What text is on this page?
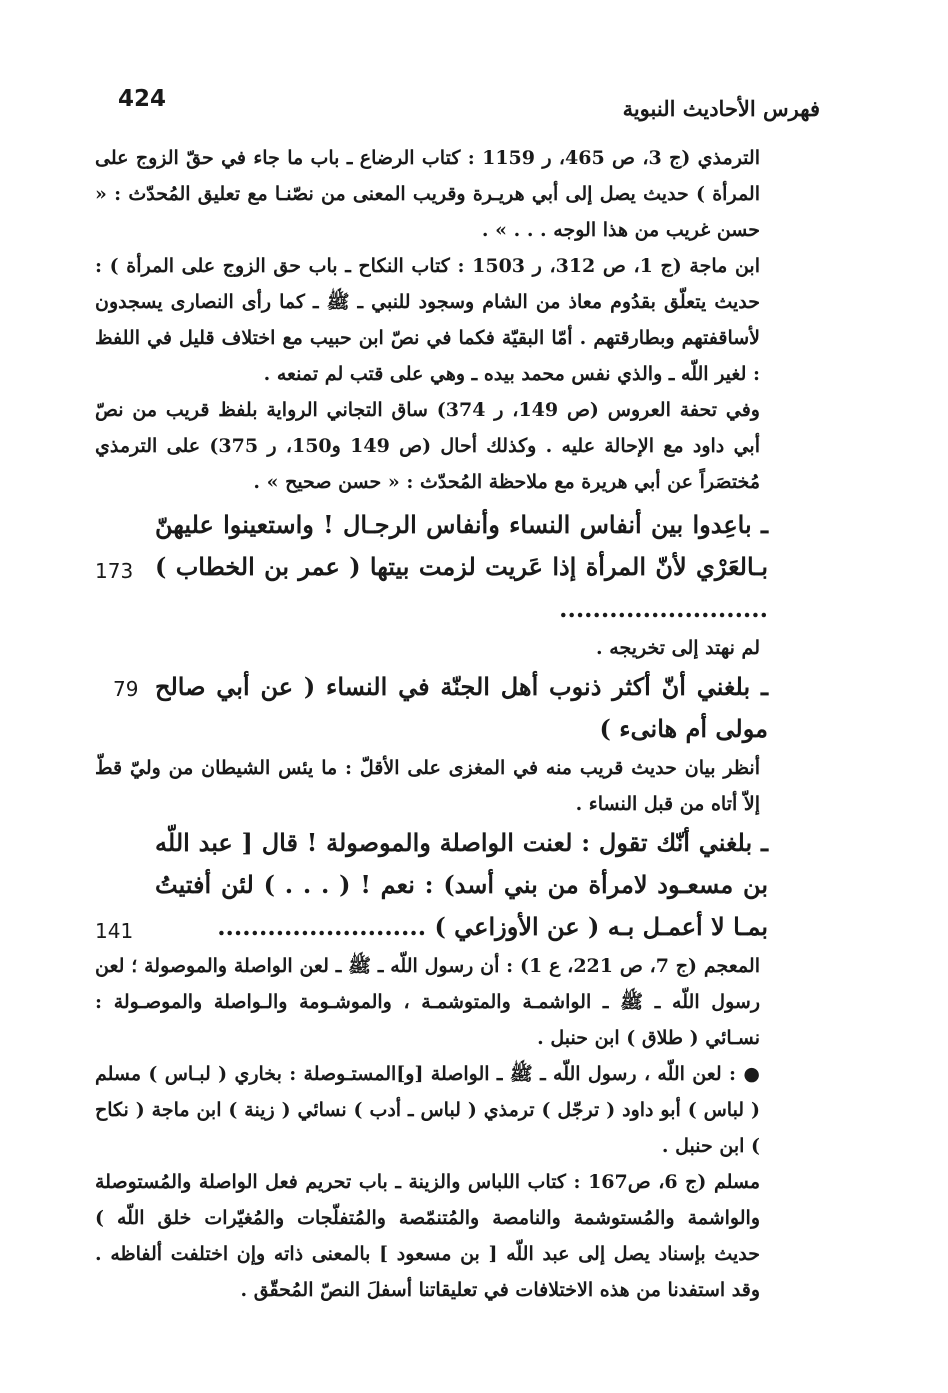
فهرس الأحاديث النبوية
424
الترمذي (ج 3، ص 465، ر 1159 : كتاب الرضاع ـ باب ما جاء في حقّ الزوج على المرأة ) حديث يصل إلى أبي هريـرة وقريب المعنى من نصّنـا مع تعليق المُحدّث : « حسن غريب من هذا الوجه . . . » .
ابن ماجة (ج 1، ص 312، ر 1503 : كتاب النكاح ـ باب حق الزوج على المرأة ) : حديث يتعلّق بقدُوم معاذ من الشام وسجود للنبي ـ ﷺ ـ كما رأى النصارى يسجدون لأساقفتهم وبطارقتهم . أمّا البقيّة فكما في نصّ ابن حبيب مع اختلاف قليل في اللفظ : لغير اللّه ـ والذي نفس محمد بيده ـ وهي على قتب لم تمنعه .
وفي تحفة العروس (ص 149، ر 374) ساق التجاني الرواية بلفظ قريب من نصّ أبي داود مع الإحالة عليه . وكذلك أحال (ص 149 و150، ر 375) على الترمذي مُختصَراً عن أبي هريرة مع ملاحظة المُحدّث : « حسن صحيح » .
ـ باعِدوا بين أنفاس النساء وأنفاس الرجـال ! واستعينوا عليهنّ بـالعَرْي لأنّ المرأة إذا عَريت لزمت بيتها ( عمر بن الخطاب ) .........................
173
لم نهتد إلى تخريجه .
ـ بلغني أنّ أكثر ذنوب أهل الجنّة في النساء ( عن أبي صالح مولى أم هانىء )
79
أنظر بيان حديث قريب منه في المغزى على الأقلّ : ما يئس الشيطان من وليّ قطّ إلاّ أتاه من قبل النساء .
ـ بلغني أنّك تقول : لعنت الواصلة والموصولة ! قال [ عبد اللّه بن مسعـود لامرأة من بني أسد) : نعم ! ( . . . ) لئن أفتيتُ بمـا لا أعمـل بـه ( عن الأوزاعي ) .........................
141
المعجم (ج 7، ص 221، ع 1) : أن رسول اللّه ـ ﷺ ـ لعن الواصلة والموصولة ؛ لعن رسول اللّه ـ ﷺ ـ الواشمـة والمتوشمـة ، والموشـومة والـواصلة والموصـولة : نسـائي ( طلاق ) ابن حنبل .
● : لعن اللّه ، رسول اللّه ـ ﷺ ـ الواصلة [و]المستـوصلة : بخاري ( لبـاس ) مسلم ( لباس ) أبو داود ( ترجّل ) ترمذي ( لباس ـ أدب ) نسائي ( زينة ) ابن ماجة ( نكاح ) ابن حنبل .
مسلم (ج 6، ص167 : كتاب اللباس والزينة ـ باب تحريم فعل الواصلة والمُستوصلة والواشمة والمُستوشمة والنامصة والمُتنمّصة والمُتفلّجات والمُغيّرات خلق اللّه ) حديث بإسناد يصل إلى عبد اللّه [ بن مسعود ] بالمعنى ذاته وإن اختلفت ألفاظه . وقد استفدنا من هذه الاختلافات في تعليقاتنا أسفلَ النصّ المُحقّق .
